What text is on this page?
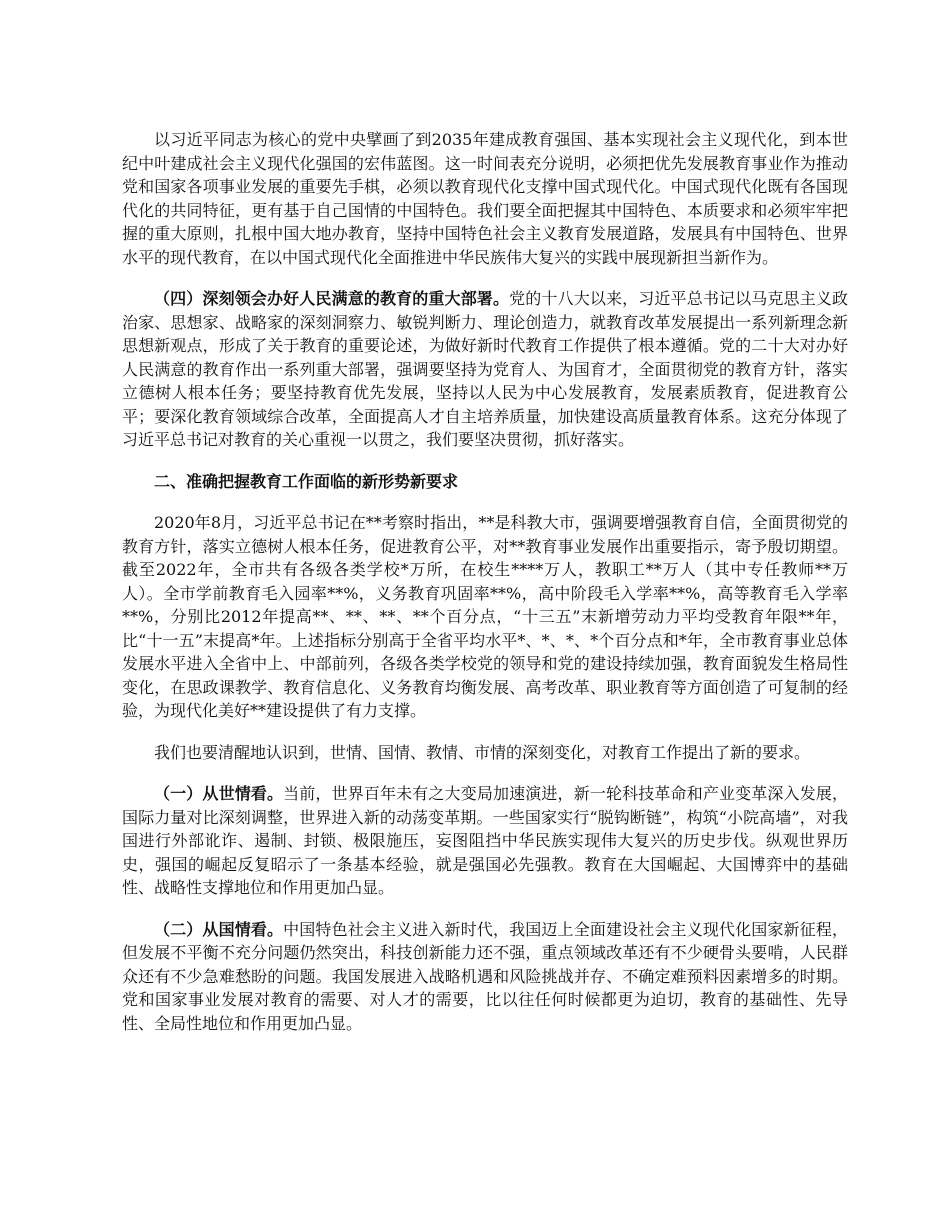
以习近平同志为核心的党中央擘画了到2035年建成教育强国、基本实现社会主义现代化，到本世纪中叶建成社会主义现代化强国的宏伟蓝图。这一时间表充分说明，必须把优先发展教育事业作为推动党和国家各项事业发展的重要先手棋，必须以教育现代化支撑中国式现代化。中国式现代化既有各国现代化的共同特征，更有基于自己国情的中国特色。我们要全面把握其中国特色、本质要求和必须牢牢把握的重大原则，扎根中国大地办教育，坚持中国特色社会主义教育发展道路，发展具有中国特色、世界水平的现代教育，在以中国式现代化全面推进中华民族伟大复兴的实践中展现新担当新作为。

（四）深刻领会办好人民满意的教育的重大部署。党的十八大以来，习近平总书记以马克思主义政治家、思想家、战略家的深刻洞察力、敏锐判断力、理论创造力，就教育改革发展提出一系列新理念新思想新观点，形成了关于教育的重要论述，为做好新时代教育工作提供了根本遵循。党的二十大对办好人民满意的教育作出一系列重大部署，强调要坚持为党育人、为国育才，全面贯彻党的教育方针，落实立德树人根本任务；要坚持教育优先发展，坚持以人民为中心发展教育，发展素质教育，促进教育公平；要深化教育领域综合改革，全面提高人才自主培养质量，加快建设高质量教育体系。这充分体现了习近平总书记对教育的关心重视一以贯之，我们要坚决贯彻，抓好落实。

二、准确把握教育工作面临的新形势新要求

2020年8月，习近平总书记在**考察时指出，**是科教大市，强调要增强教育自信，全面贯彻党的教育方针，落实立德树人根本任务，促进教育公平，对**教育事业发展作出重要指示，寄予殷切期望。截至2022年，全市共有各级各类学校*万所，在校生****万人，教职工**万人（其中专任教师**万人）。全市学前教育毛入园率**%，义务教育巩固率**%，高中阶段毛入学率**%，高等教育毛入学率**%，分别比2012年提高**、**、**、**个百分点，“十三五”末新增劳动力平均受教育年限**年，比“十一五”末提高*年。上述指标分别高于全省平均水平*、*、*、*个百分点和*年，全市教育事业总体发展水平进入全省中上、中部前列，各级各类学校党的领导和党的建设持续加强，教育面貌发生格局性变化，在思政课教学、教育信息化、义务教育均衡发展、高考改革、职业教育等方面创造了可复制的经验，为现代化美好**建设提供了有力支撑。

我们也要清醒地认识到，世情、国情、教情、市情的深刻变化，对教育工作提出了新的要求。

（一）从世情看。当前，世界百年未有之大变局加速演进，新一轮科技革命和产业变革深入发展，国际力量对比深刻调整，世界进入新的动荡变革期。一些国家实行“脱钩断链”，构筑“小院高墙”，对我国进行外部讹诈、遏制、封锁、极限施压，妄图阻挡中华民族实现伟大复兴的历史步伐。纵观世界历史，强国的崛起反复昭示了一条基本经验，就是强国必先强教。教育在大国崛起、大国博弈中的基础性、战略性支撑地位和作用更加凸显。

（二）从国情看。中国特色社会主义进入新时代，我国迈上全面建设社会主义现代化国家新征程，但发展不平衡不充分问题仍然突出，科技创新能力还不强，重点领域改革还有不少硬骨头要啃，人民群众还有不少急难愁盼的问题。我国发展进入战略机遇和风险挑战并存、不确定难预料因素增多的时期。党和国家事业发展对教育的需要、对人才的需要，比以往任何时候都更为迫切，教育的基础性、先导性、全局性地位和作用更加凸显。
